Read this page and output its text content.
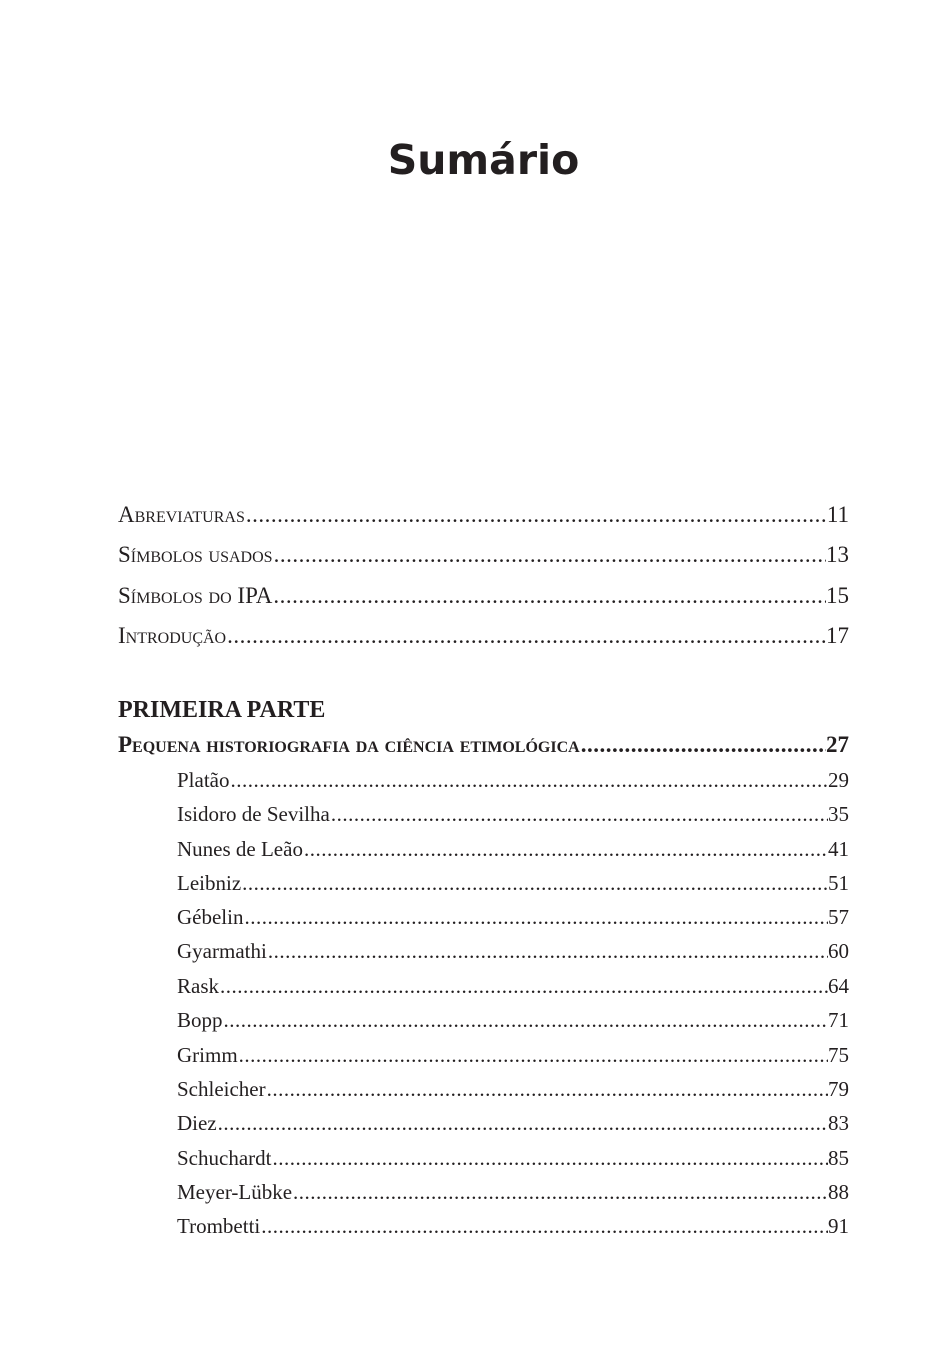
Sumário
Abreviaturas .....	11
Símbolos usados .....	13
Símbolos do IPA .....	15
Introdução .....	17
PRIMEIRA PARTE
Pequena historiografia da ciência etimológica .....	27
Platão .....	29
Isidoro de Sevilha .....	35
Nunes de Leão .....	41
Leibniz .....	51
Gébelin .....	57
Gyarmathi .....	60
Rask .....	64
Bopp .....	71
Grimm .....	75
Schleicher .....	79
Diez .....	83
Schuchardt .....	85
Meyer-Lübke .....	88
Trombetti .....	91
